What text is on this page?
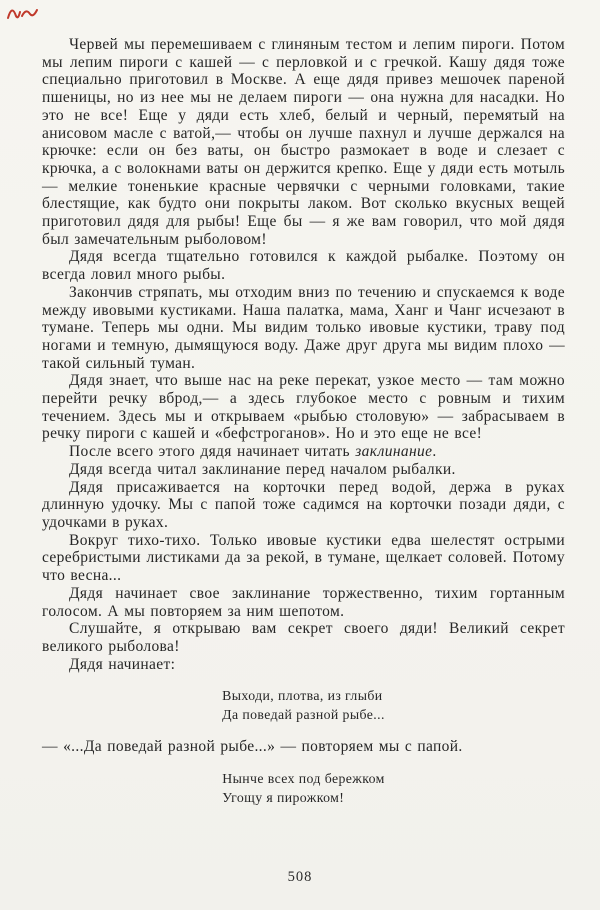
Червей мы перемешиваем с глиняным тестом и лепим пироги. Потом мы лепим пироги с кашей — с перловкой и с гречкой. Кашу дядя тоже специально приготовил в Москве. А еще дядя привез мешочек пареной пшеницы, но из нее мы не делаем пироги — она нужна для насадки. Но это не все! Еще у дяди есть хлеб, белый и черный, перемятый на анисовом масле с ватой,— чтобы он лучше пахнул и лучше держался на крючке: если он без ваты, он быстро размокает в воде и слезает с крючка, а с волокнами ваты он держится крепко. Еще у дяди есть мотыль — мелкие тоненькие красные червячки с черными головками, такие блестящие, как будто они покрыты лаком. Вот сколько вкусных вещей приготовил дядя для рыбы! Еще бы — я же вам говорил, что мой дядя был замечательным рыболовом!

Дядя всегда тщательно готовился к каждой рыбалке. Поэтому он всегда ловил много рыбы.

Закончив стряпать, мы отходим вниз по течению и спускаемся к воде между ивовыми кустиками. Наша палатка, мама, Ханг и Чанг исчезают в тумане. Теперь мы одни. Мы видим только ивовые кустики, траву под ногами и темную, дымящуюся воду. Даже друг друга мы видим плохо — такой сильный туман.

Дядя знает, что выше нас на реке перекат, узкое место — там можно перейти речку вброд,— а здесь глубокое место с ровным и тихим течением. Здесь мы и открываем «рыбью столовую» — забрасываем в речку пироги с кашей и «бефстроганов». Но и это еще не все!

После всего этого дядя начинает читать заклинание.

Дядя всегда читал заклинание перед началом рыбалки.

Дядя присаживается на корточки перед водой, держа в руках длинную удочку. Мы с папой тоже садимся на корточки позади дяди, с удочками в руках.

Вокруг тихо-тихо. Только ивовые кустики едва шелестят острыми серебристыми листиками да за рекой, в тумане, щелкает соловей. Потому что весна...

Дядя начинает свое заклинание торжественно, тихим гортанным голосом. А мы повторяем за ним шепотом.

Слушайте, я открываю вам секрет своего дяди! Великий секрет великого рыболова!

Дядя начинает:

Выходи, плотва, из глыби
Да поведай разной рыбе...

— «...Да поведай разной рыбе...» — повторяем мы с папой.

Нынче всех под бережком
Угощу я пирожком!
508
